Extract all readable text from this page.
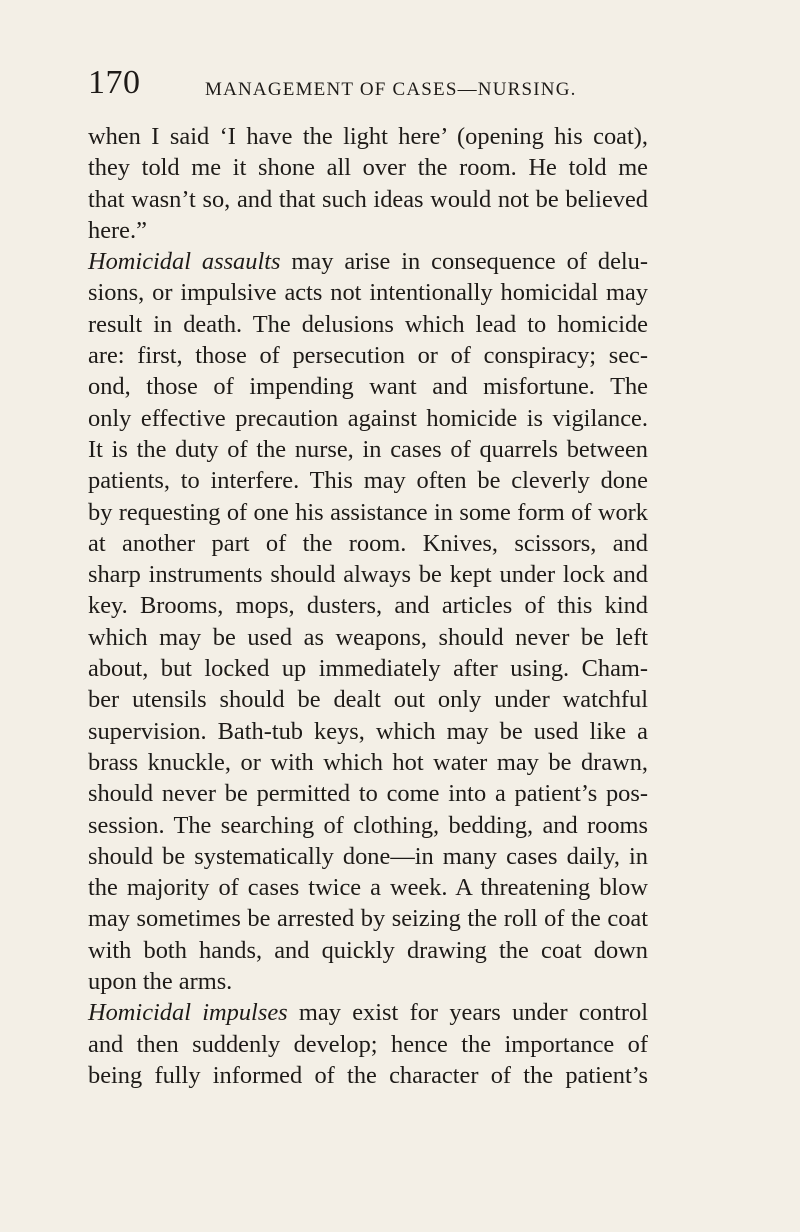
170	MANAGEMENT OF CASES—NURSING.
when I said ‘I have the light here’ (opening his coat),
they told me it shone all over the room. He told me
that wasn’t so, and that such ideas would not be believed
here.”
Homicidal assaults may arise in consequence of delu-
sions, or impulsive acts not intentionally homicidal may
result in death. The delusions which lead to homicide
are: first, those of persecution or of conspiracy; sec-
ond, those of impending want and misfortune. The
only effective precaution against homicide is vigilance.
It is the duty of the nurse, in cases of quarrels between
patients, to interfere. This may often be cleverly done
by requesting of one his assistance in some form of work
at another part of the room. Knives, scissors, and
sharp instruments should always be kept under lock and
key. Brooms, mops, dusters, and articles of this kind
which may be used as weapons, should never be left
about, but locked up immediately after using. Cham-
ber utensils should be dealt out only under watchful
supervision. Bath-tub keys, which may be used like a
brass knuckle, or with which hot water may be drawn,
should never be permitted to come into a patient’s pos-
session. The searching of clothing, bedding, and rooms
should be systematically done—in many cases daily, in
the majority of cases twice a week. A threatening blow
may sometimes be arrested by seizing the roll of the coat
with both hands, and quickly drawing the coat down
upon the arms.
Homicidal impulses may exist for years under control
and then suddenly develop; hence the importance of
being fully informed of the character of the patient’s
